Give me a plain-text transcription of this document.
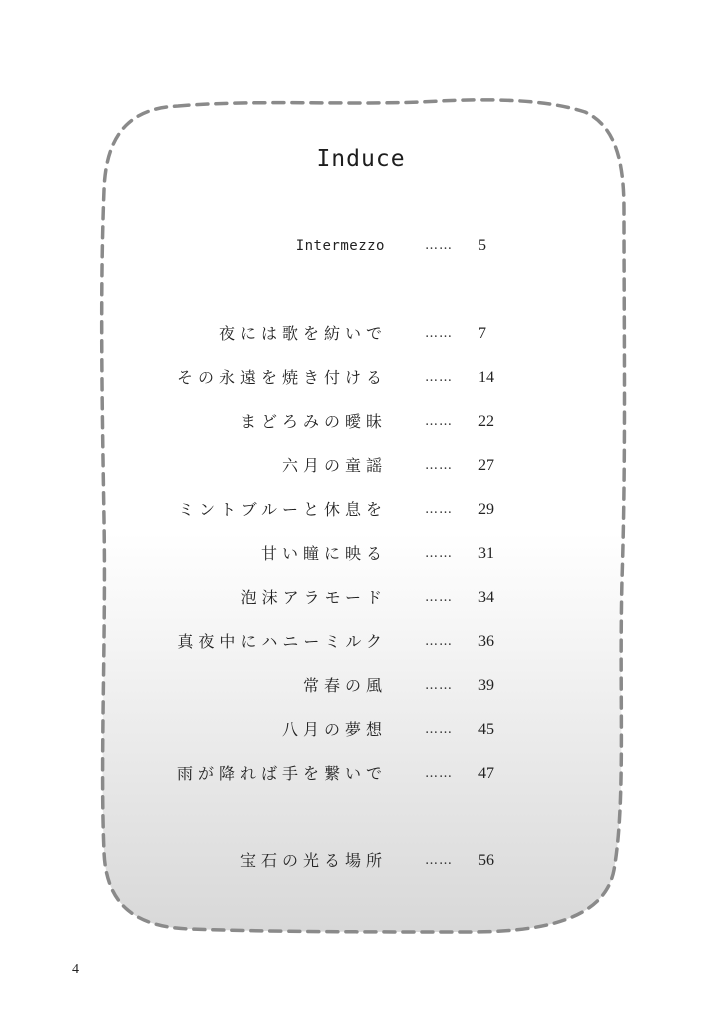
Induce
Intermezzo	…… 5
夜には歌を紡いで	…… 7
その永遠を焼き付ける	…… 14
まどろみの曖昧	…… 22
六月の童謡	…… 27
ミントブルーと休息を	…… 29
甘い瞳に映る	…… 31
泡沫アラモード	…… 34
真夜中にハニーミルク	…… 36
常春の風	…… 39
八月の夢想	…… 45
雨が降れば手を繋いで	…… 47
宝石の光る場所	…… 56
4
